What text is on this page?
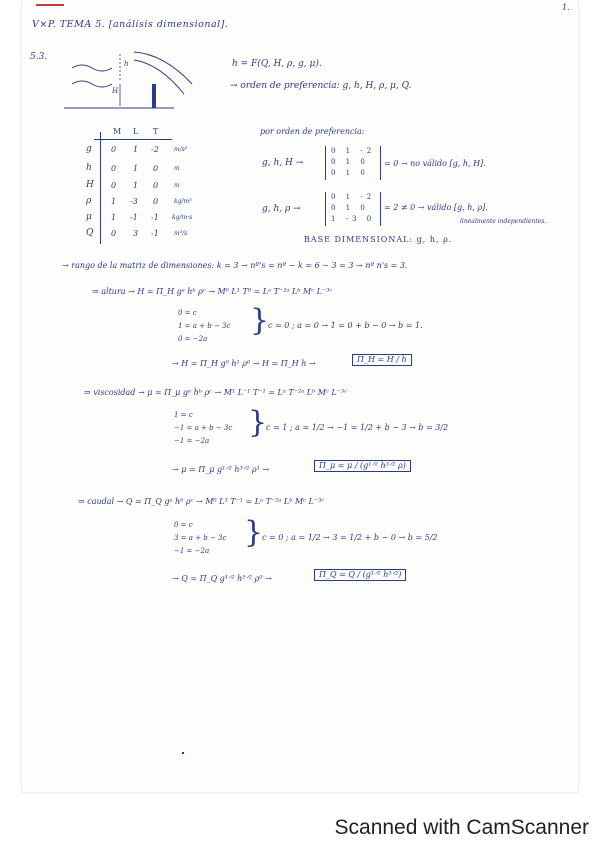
1.
V×P. TEMA 5. [análisis dimensional].
5.3.
h
H
h = F(Q, H, ρ, g, μ).
→ orden de preferencia: g, h, H, ρ, μ, Q.
M L T
g 0 1 -2	m/s²
h 0 1 0	m
H 0 1 0	m
ρ 1 -3 0	kg/m³
μ 1 -1 -1 kg/m·s
Q 0 3 -1	m³/s
por orden de preferencia:
g, h, H →
0 1 -2
0 1 0
0 1 0
= 0 → no válido [g, h, H].
g, h, ρ →
0 1 -2
0 1 0
1 -3 0
= 2 ≠ 0 → válido [g, h, ρ].
linealmente independientes.
BASE DIMENSIONAL: g, h, ρ.
→ rango de la matriz de dimensiones: k = 3 → nº's = nº − k = 6 − 3 = 3 → nº n's = 3.
⇒ altura → H = Π_H gᵃ hᵇ ρᶜ → M⁰ L¹ T⁰ = Lᵃ T⁻²ᵃ Lᵇ Mᶜ L⁻³ᶜ
0 = c
1 = a + b − 3c
0 = −2a
}
c = 0 ; a = 0 → 1 = 0 + b − 0 → b = 1.
→ H = Π_H g⁰ h¹ ρ⁰ → H = Π_H h →	Π_H = H / h
⇒ viscosidad → μ = Π_μ gᵃ hᵇ ρᶜ → M¹ L⁻¹ T⁻¹ = Lᵃ T⁻²ᵃ Lᵇ Mᶜ L⁻³ᶜ
1 = c
−1 = a + b − 3c
−1 = −2a
}
c = 1 ; a = 1/2 → −1 = 1/2 + b − 3 → b = 3/2
→ μ = Π_μ g¹ᐟ² h³ᐟ² ρ¹ →	Π_μ = μ / (g¹ᐟ² h³ᐟ² ρ)
⇒ caudal → Q = Π_Q gᵃ hᵇ ρᶜ → M⁰ L³ T⁻¹ = Lᵃ T⁻²ᵃ Lᵇ Mᶜ L⁻³ᶜ
0 = c
3 = a + b − 3c
−1 = −2a
}
c = 0 ; a = 1/2 → 3 = 1/2 + b − 0 → b = 5/2
→ Q = Π_Q g¹ᐟ² h⁵ᐟ² ρ⁰ →	Π_Q = Q / (g¹ᐟ² h⁵ᐟ²)
Scanned with CamScanner
